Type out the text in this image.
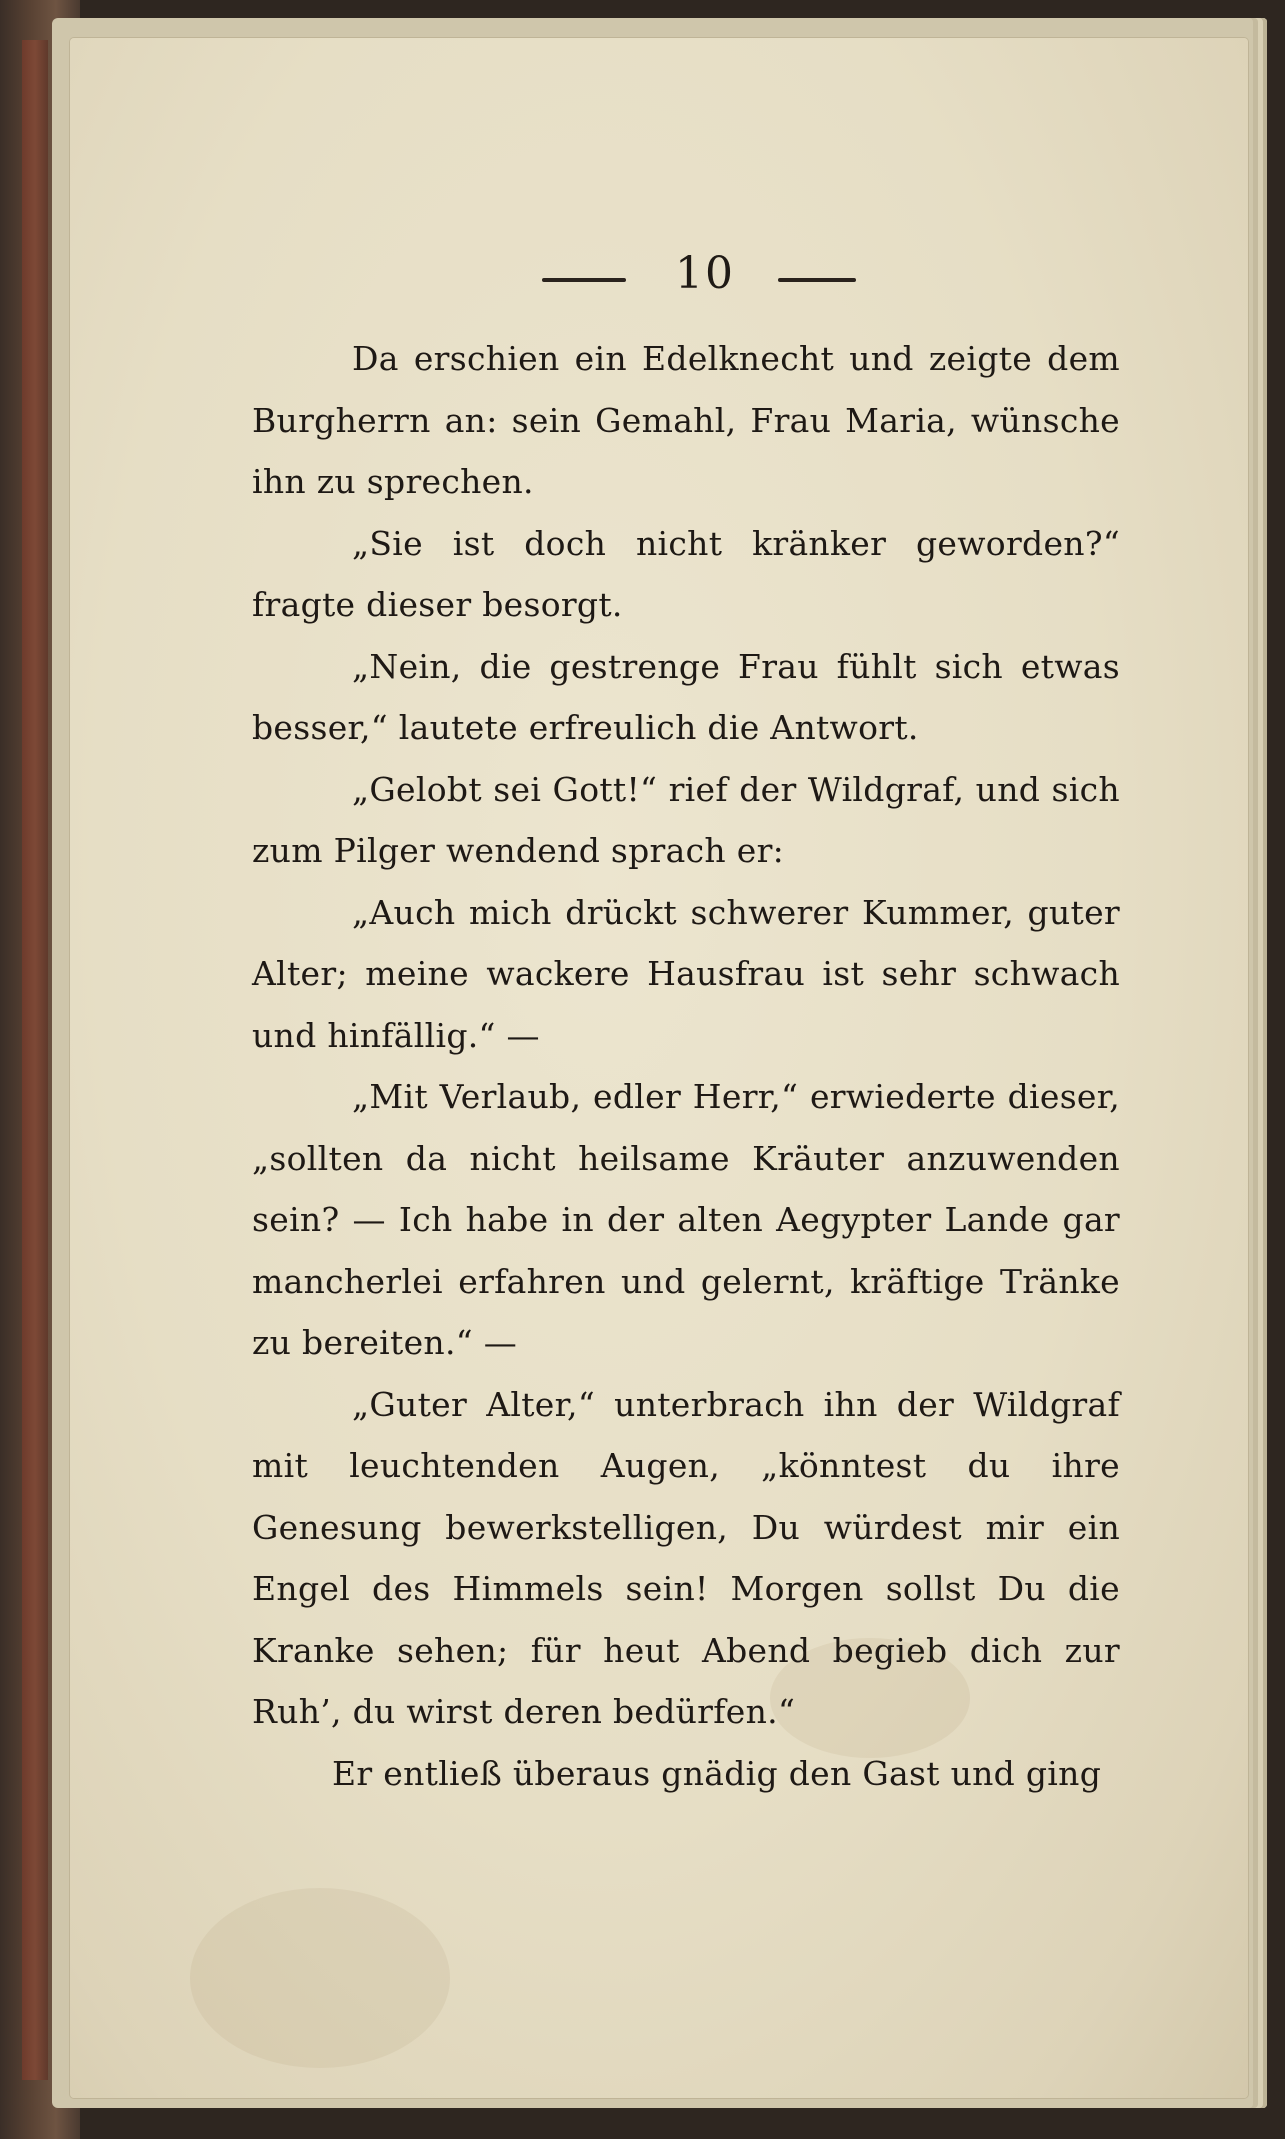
10

Da erschien ein Edelknecht und zeigte dem Burgherrn an: sein Gemahl, Frau Maria, wünsche ihn zu sprechen.

„Sie ist doch nicht kränker geworden?“ fragte dieser besorgt.

„Nein, die gestrenge Frau fühlt sich etwas besser,“ lautete erfreulich die Antwort.

„Gelobt sei Gott!“ rief der Wildgraf, und sich zum Pilger wendend sprach er:

„Auch mich drückt schwerer Kummer, guter Alter; meine wackere Hausfrau ist sehr schwach und hinfällig.“ —

„Mit Verlaub, edler Herr,“ erwiederte dieser, „sollten da nicht heilsame Kräuter anzuwenden sein? — Ich habe in der alten Aegypter Lande gar mancherlei erfahren und gelernt, kräftige Tränke zu bereiten.“ —

„Guter Alter,“ unterbrach ihn der Wildgraf mit leuchtenden Augen, „könntest du ihre Genesung bewerkstelligen, Du würdest mir ein Engel des Himmels sein! Morgen sollst Du die Kranke sehen; für heut Abend begieb dich zur Ruh’, du wirst deren bedürfen.“

Er entließ überaus gnädig den Gast und ging
